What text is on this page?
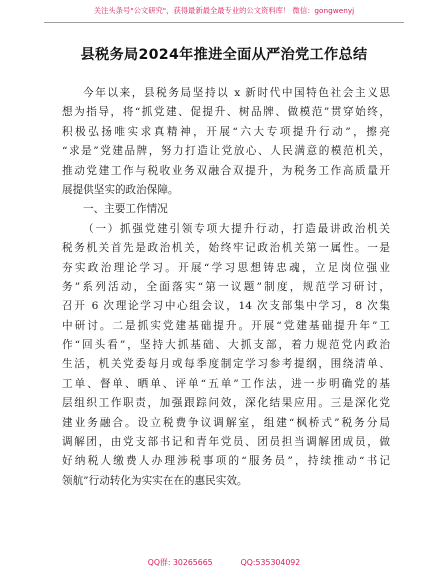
关注头条号"公文研究"，获得最新最全最专业的公文资料库！ 微信：gongwenyj
县税务局2024年推进全面从严治党工作总结
今年以来，县税务局坚持以 x 新时代中国特色社会主义思
想为指导，将“抓党建、促提升、树品牌、做模范”贯穿始终，
积极弘扬唯实求真精神，开展“六大专项提升行动”，擦亮
“求是”党建品牌，努力打造让党放心、人民满意的模范机关，
推动党建工作与税收业务双融合双提升，为税务工作高质量开
展提供坚实的政治保障。
一、主要工作情况
（一）抓强党建引领专项大提升行动，打造最讲政治机关
税务机关首先是政治机关，始终牢记政治机关第一属性。一是
夯实政治理论学习。开展“学习思想铸忠魂，立足岗位强业
务”系列活动，全面落实“第一议题”制度，规范学习研讨，
召开 6 次理论学习中心组会议，14 次支部集中学习，8 次集
中研讨。二是抓实党建基础提升。开展“党建基础提升年”工
作“回头看”，坚持大抓基础、大抓支部，着力规范党内政治
生活，机关党委每月或每季度制定学习参考提纲，围绕清单、
工单、督单、晒单、评单“五单”工作法，进一步明确党的基
层组织工作职责，加强跟踪问效，深化结果应用。三是深化党
建业务融合。设立税费争议调解室，组建“枫桥式”税务分局
调解团，由党支部书记和青年党员、团员担当调解团成员，做
好纳税人缴费人办理涉税事项的“服务员”，持续推动“书记
领航”行动转化为实实在在的惠民实效。
QQ群: 30265665	QQ:535304092
